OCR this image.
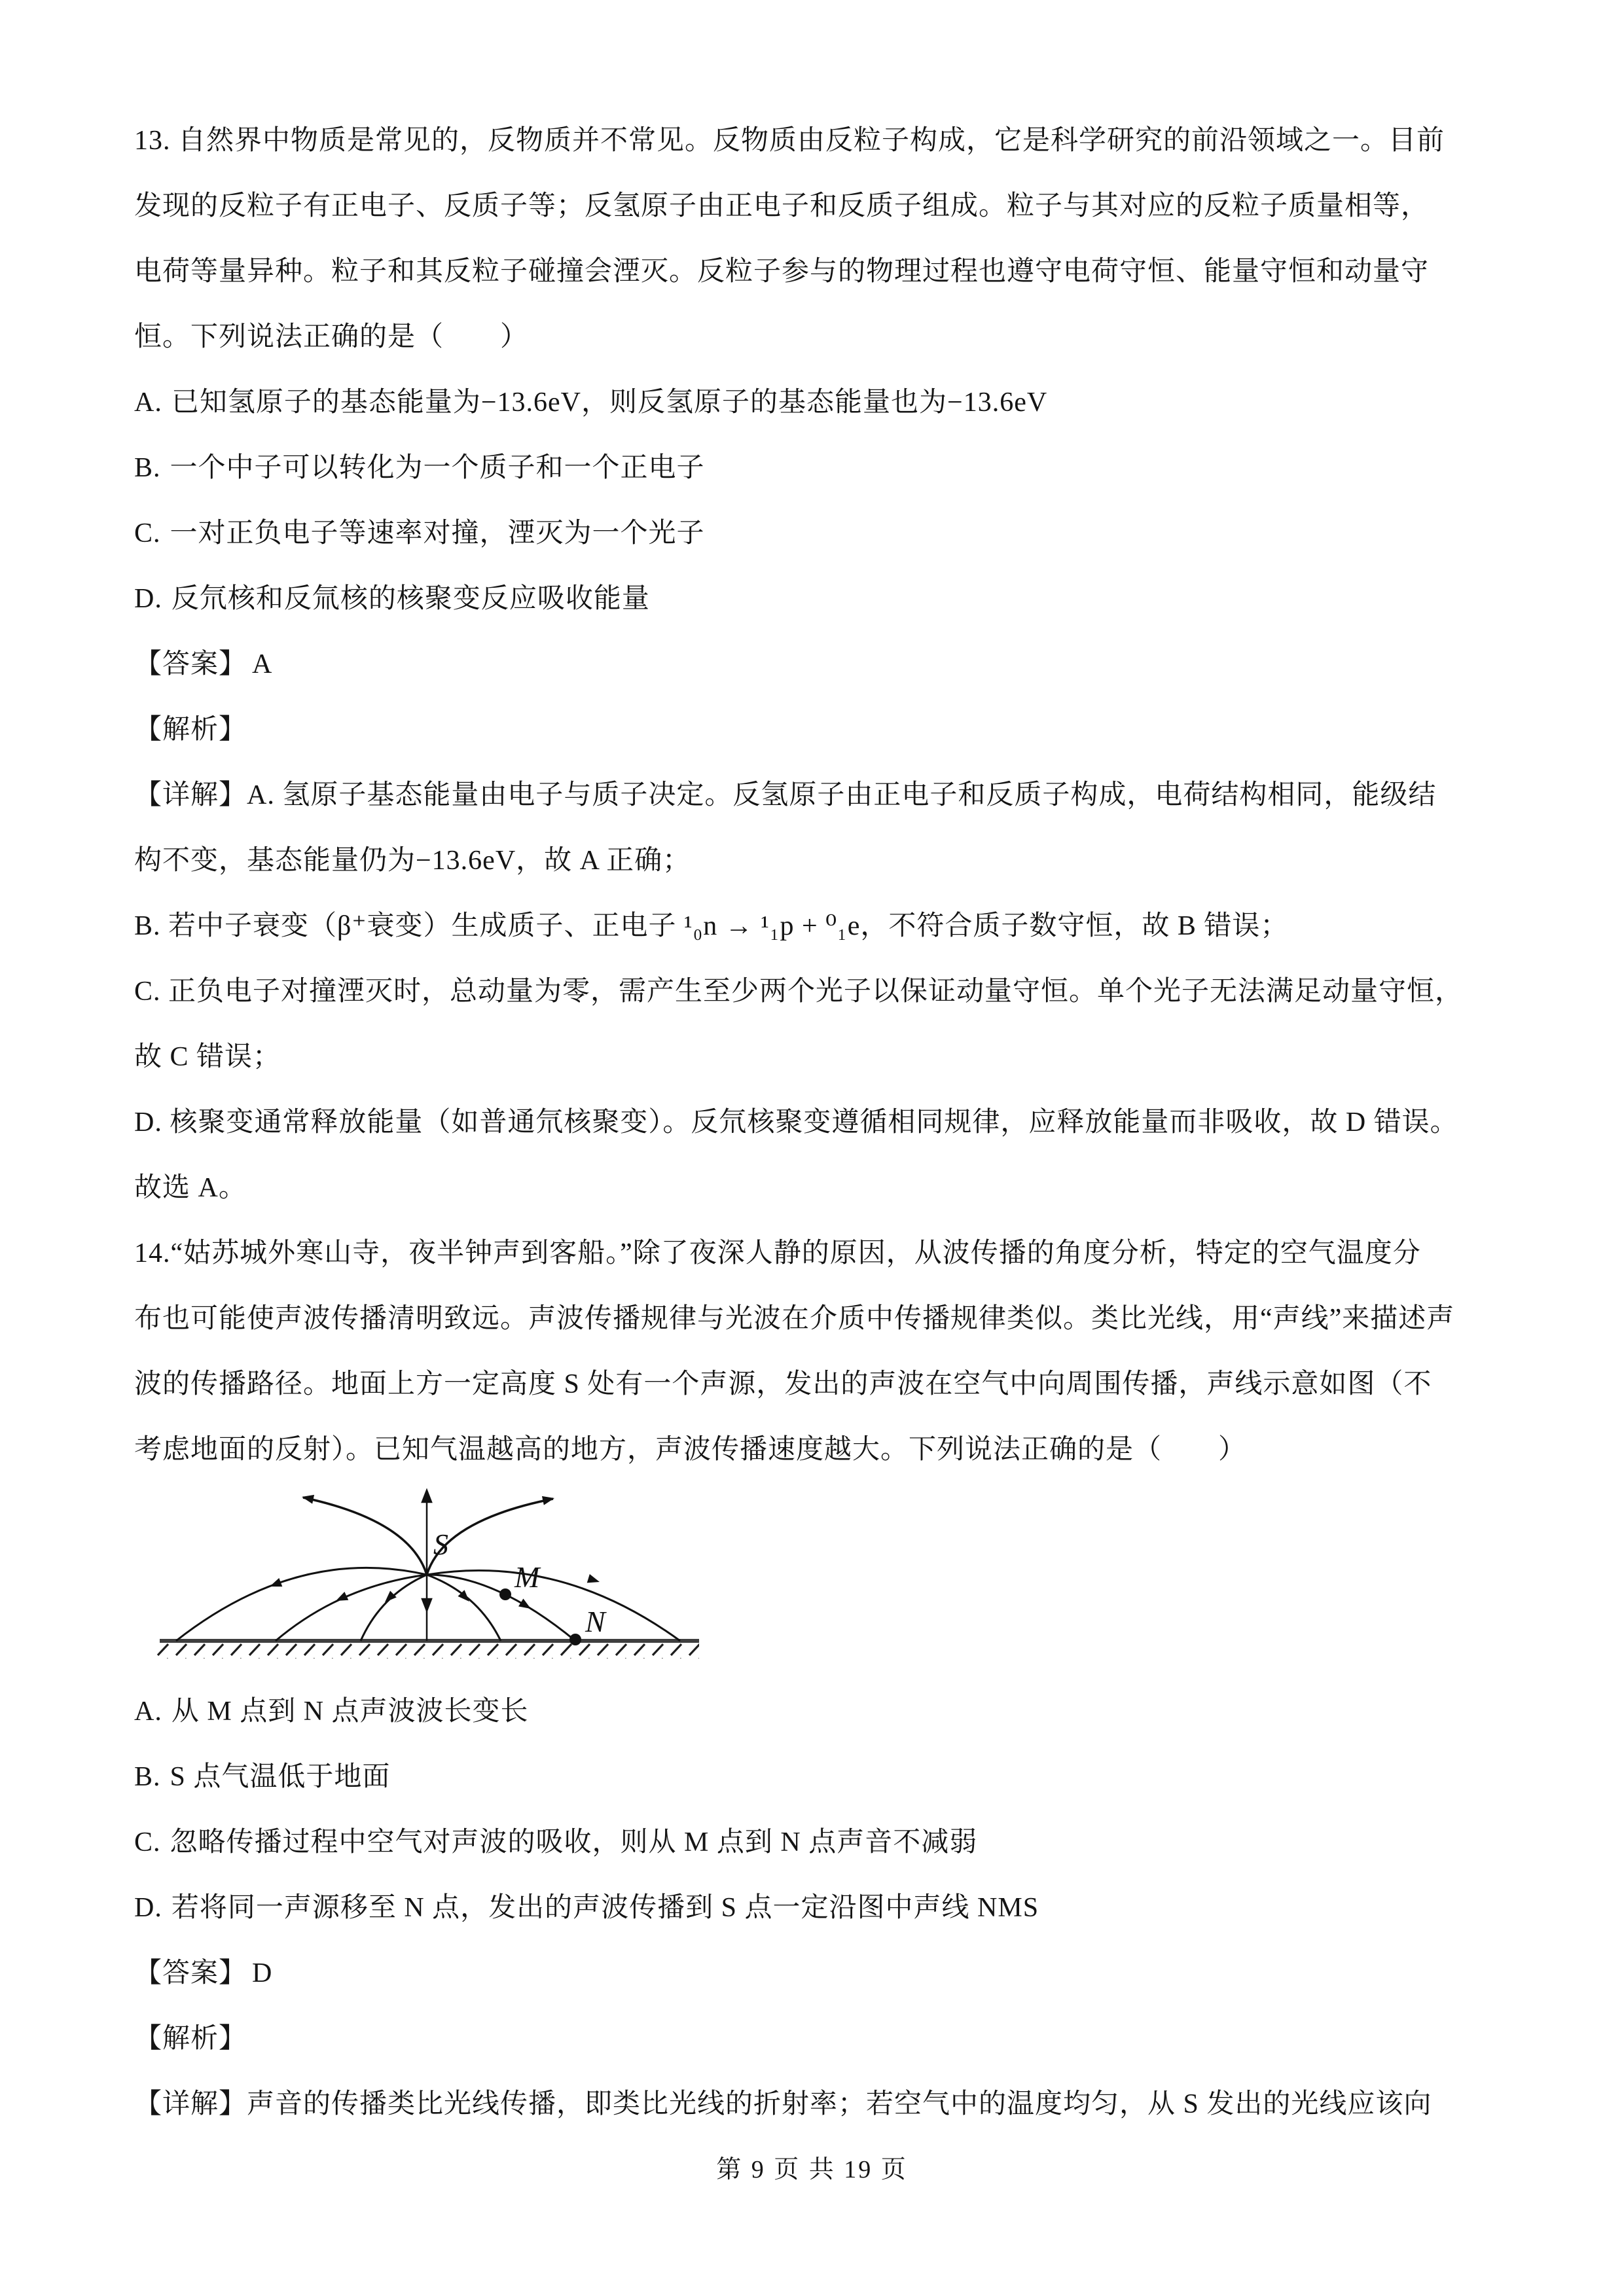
13. 自然界中物质是常见的，反物质并不常见。反物质由反粒子构成，它是科学研究的前沿领域之一。目前
发现的反粒子有正电子、反质子等；反氢原子由正电子和反质子组成。粒子与其对应的反粒子质量相等，
电荷等量异种。粒子和其反粒子碰撞会湮灭。反粒子参与的物理过程也遵守电荷守恒、能量守恒和动量守
恒。下列说法正确的是（　　）
A. 已知氢原子的基态能量为−13.6eV，则反氢原子的基态能量也为−13.6eV
B. 一个中子可以转化为一个质子和一个正电子
C. 一对正负电子等速率对撞，湮灭为一个光子
D. 反氘核和反氚核的核聚变反应吸收能量
【答案】 A
【解析】
【详解】A. 氢原子基态能量由电子与质子决定。反氢原子由正电子和反质子构成，电荷结构相同，能级结
构不变，基态能量仍为−13.6eV，故 A 正确；
B. 若中子衰变（β⁺衰变）生成质子、正电子 ¹₀n → ¹₁p + ⁰₁e，不符合质子数守恒，故 B 错误；
C. 正负电子对撞湮灭时，总动量为零，需产生至少两个光子以保证动量守恒。单个光子无法满足动量守恒，
故 C 错误；
D. 核聚变通常释放能量（如普通氘核聚变）。反氘核聚变遵循相同规律，应释放能量而非吸收，故 D 错误。
故选 A。
14.“姑苏城外寒山寺，夜半钟声到客船。”除了夜深人静的原因，从波传播的角度分析，特定的空气温度分
布也可能使声波传播清明致远。声波传播规律与光波在介质中传播规律类似。类比光线，用“声线”来描述声
波的传播路径。地面上方一定高度 S 处有一个声源，发出的声波在空气中向周围传播，声线示意如图（不
考虑地面的反射）。已知气温越高的地方，声波传播速度越大。下列说法正确的是（　　）
S
M
N
A. 从 M 点到 N 点声波波长变长
B. S 点气温低于地面
C. 忽略传播过程中空气对声波的吸收，则从 M 点到 N 点声音不减弱
D. 若将同一声源移至 N 点，发出的声波传播到 S 点一定沿图中声线 NMS
【答案】 D
【解析】
【详解】声音的传播类比光线传播，即类比光线的折射率；若空气中的温度均匀，从 S 发出的光线应该向
第 9 页 共 19 页
